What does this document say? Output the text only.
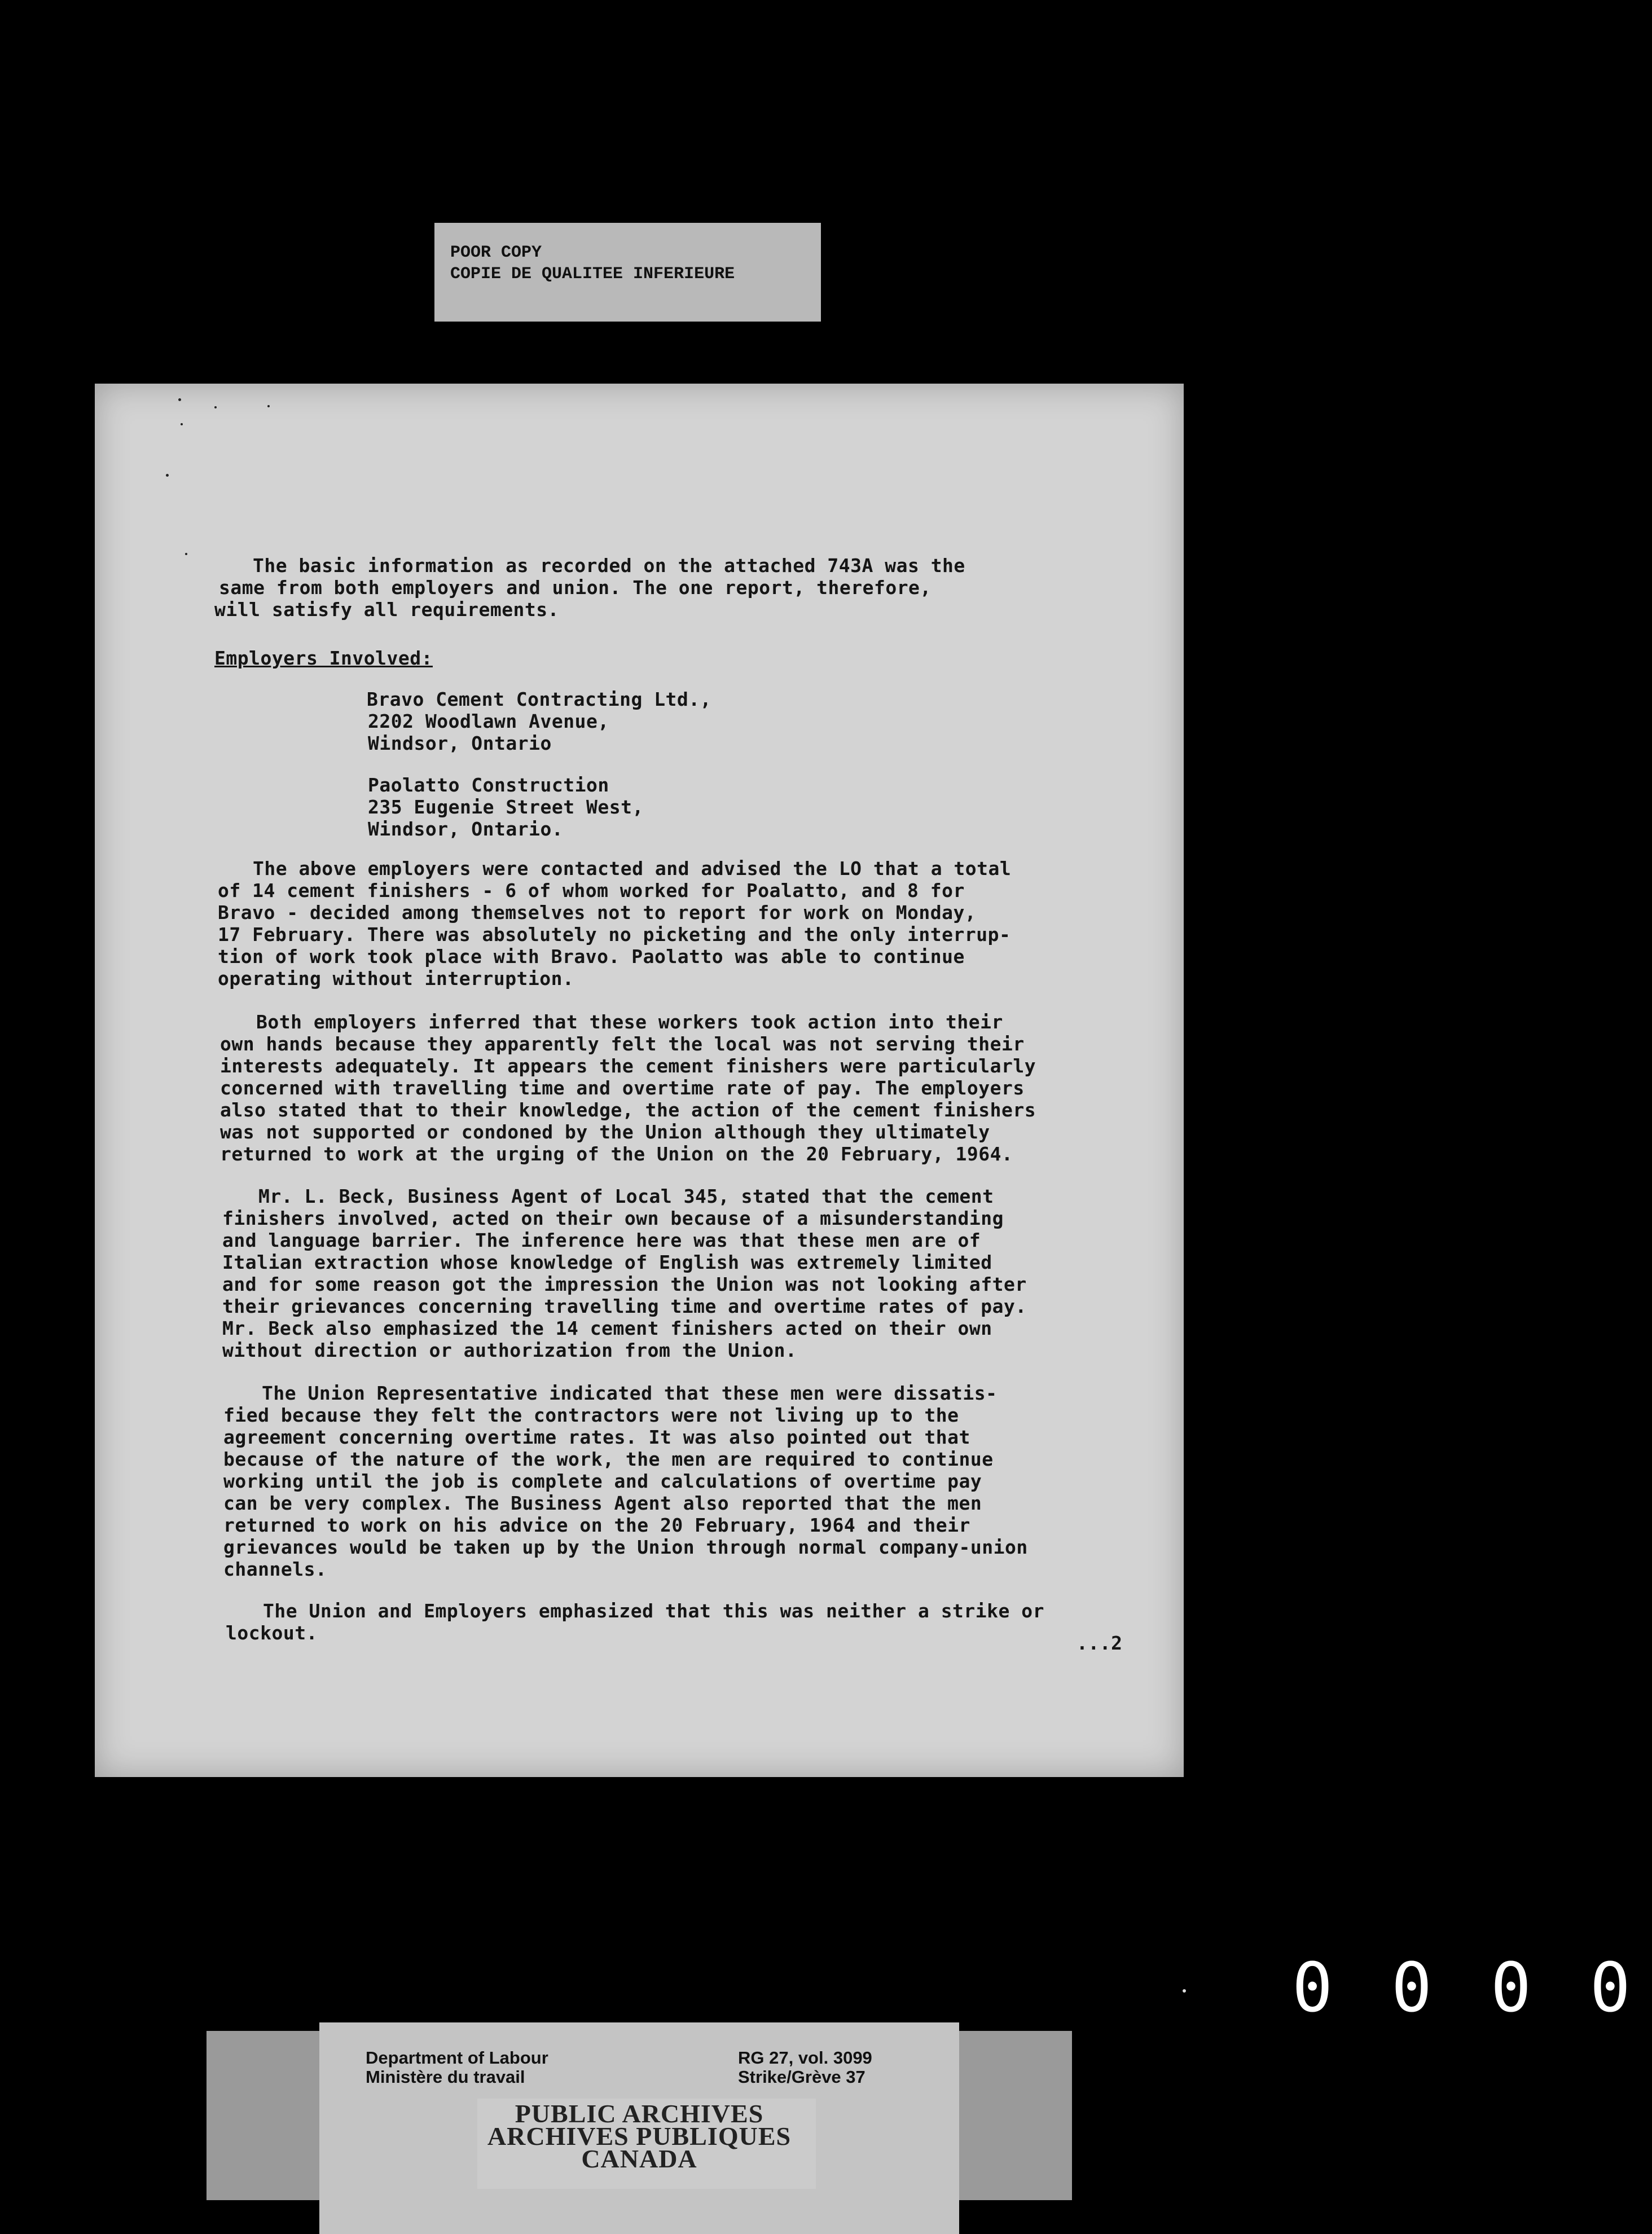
POOR COPY
COPIE DE QUALITEE INFERIEURE
The basic information as recorded on the attached 743A was the
same from both employers and union. The one report, therefore,
will satisfy all requirements.
Employers Involved:
Bravo Cement Contracting Ltd.,
2202 Woodlawn Avenue,
Windsor, Ontario
Paolatto Construction
235 Eugenie Street West,
Windsor, Ontario.
The above employers were contacted and advised the LO that a total
of 14 cement finishers - 6 of whom worked for Poalatto, and 8 for
Bravo - decided among themselves not to report for work on Monday,
17 February. There was absolutely no picketing and the only interrup-
tion of work took place with Bravo. Paolatto was able to continue
operating without interruption.
Both employers inferred that these workers took action into their
own hands because they apparently felt the local was not serving their
interests adequately. It appears the cement finishers were particularly
concerned with travelling time and overtime rate of pay. The employers
also stated that to their knowledge, the action of the cement finishers
was not supported or condoned by the Union although they ultimately
returned to work at the urging of the Union on the 20 February, 1964.
Mr. L. Beck, Business Agent of Local 345, stated that the cement
finishers involved, acted on their own because of a misunderstanding
and language barrier. The inference here was that these men are of
Italian extraction whose knowledge of English was extremely limited
and for some reason got the impression the Union was not looking after
their grievances concerning travelling time and overtime rates of pay.
Mr. Beck also emphasized the 14 cement finishers acted on their own
without direction or authorization from the Union.
The Union Representative indicated that these men were dissatis-
fied because they felt the contractors were not living up to the
agreement concerning overtime rates. It was also pointed out that
because of the nature of the work, the men are required to continue
working until the job is complete and calculations of overtime pay
can be very complex. The Business Agent also reported that the men
returned to work on his advice on the 20 February, 1964 and their
grievances would be taken up by the Union through normal company-union
channels.
The Union and Employers emphasized that this was neither a strike or
lockout.	...2
0 0 0 0
Department of Labour
Ministère du travail
RG 27, vol. 3099
Strike/Grève 37
PUBLIC ARCHIVES
ARCHIVES PUBLIQUES
CANADA
